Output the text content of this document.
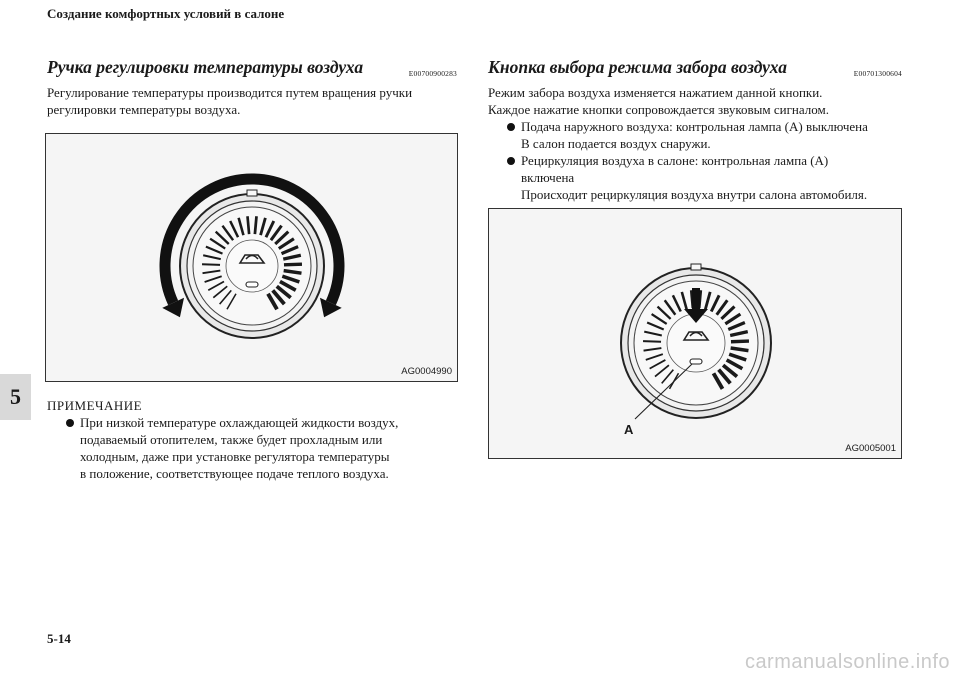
Создание комфортных условий в салоне
5
Ручка регулировки температуры воздуха	E00700900283
Регулирование температуры производится путем вращения ручки
регулировки температуры воздуха.
AG0004990
ПРИМЕЧАНИЕ
При низкой температуре охлаждающей жидкости воздух,
подаваемый отопителем, также будет прохладным или
холодным, даже при установке регулятора температуры
в положение, соответствующее подаче теплого воздуха.
Кнопка выбора режима забора воздуха	E00701300604
Режим забора воздуха изменяется нажатием данной кнопки.
Каждое нажатие кнопки сопровождается звуковым сигналом.
Подача наружного воздуха: контрольная лампа (A) выключена
В салон подается воздух снаружи.
Рециркуляция воздуха в салоне: контрольная лампа (A)
включена
Происходит рециркуляция воздуха внутри салона автомобиля.
A
AG0005001
5-14
carmanualsonline.info
